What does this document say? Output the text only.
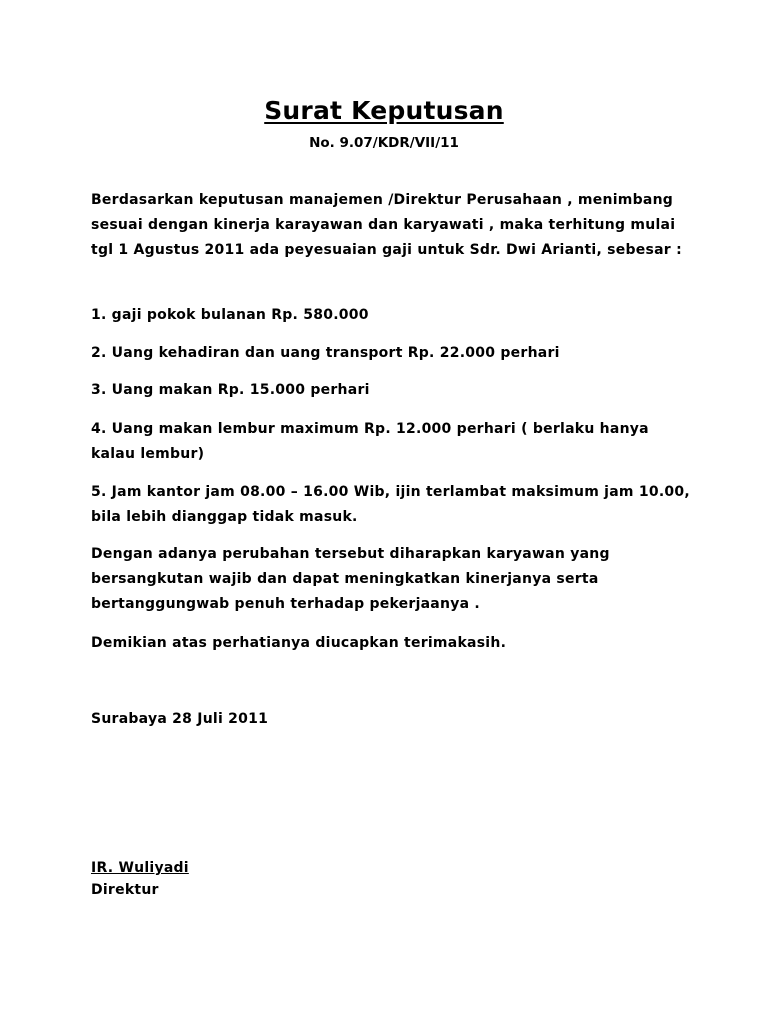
Surat Keputusan
No. 9.07/KDR/VII/11
Berdasarkan keputusan manajemen /Direktur Perusahaan , menimbang sesuai dengan kinerja karayawan dan karyawati , maka terhitung mulai tgl 1 Agustus 2011 ada peyesuaian gaji untuk Sdr. Dwi Arianti, sebesar :
1. gaji pokok bulanan Rp. 580.000
2. Uang kehadiran dan uang transport Rp. 22.000 perhari
3. Uang makan Rp. 15.000 perhari
4. Uang makan lembur maximum Rp. 12.000 perhari ( berlaku hanya kalau lembur)
5. Jam kantor jam 08.00 – 16.00 Wib, ijin terlambat maksimum jam 10.00, bila lebih dianggap tidak masuk.
Dengan adanya perubahan tersebut diharapkan karyawan yang bersangkutan wajib dan dapat meningkatkan kinerjanya serta bertanggungwab penuh terhadap pekerjaanya .
Demikian atas perhatianya diucapkan terimakasih.
Surabaya 28 Juli 2011
IR. Wuliyadi
Direktur
